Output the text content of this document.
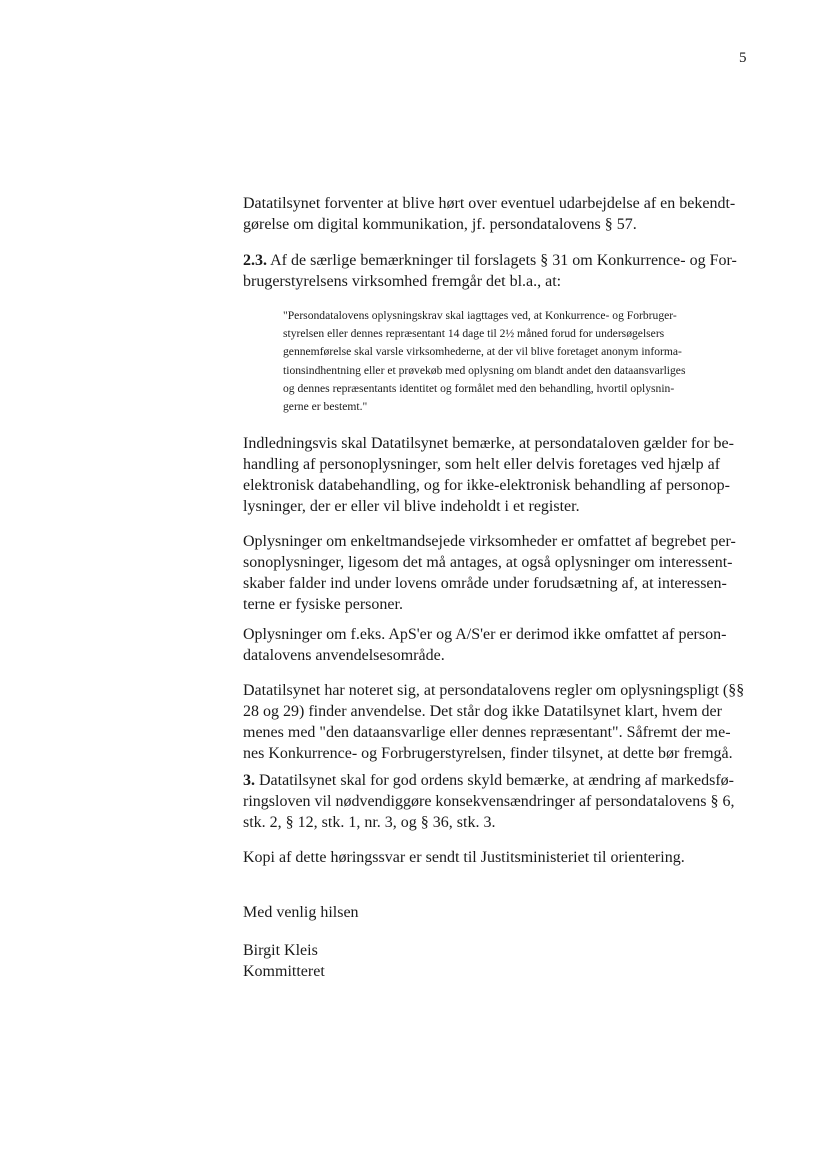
5
Datatilsynet forventer at blive hørt over eventuel udarbejdelse af en bekendt-
gørelse om digital kommunikation, jf. persondatalovens § 57.
2.3. Af de særlige bemærkninger til forslagets § 31 om Konkurrence- og For-
brugerstyrelsens virksomhed fremgår det bl.a., at:
"Persondatalovens oplysningskrav skal iagttages ved, at Konkurrence- og Forbruger-
styrelsen eller dennes repræsentant 14 dage til 2½ måned forud for undersøgelsers
gennemførelse skal varsle virksomhederne, at der vil blive foretaget anonym informa-
tionsindhentning eller et prøvekøb med oplysning om blandt andet den dataansvarliges
og dennes repræsentants identitet og formålet med den behandling, hvortil oplysnin-
gerne er bestemt."
Indledningsvis skal Datatilsynet bemærke, at persondataloven gælder for be-
handling af personoplysninger, som helt eller delvis foretages ved hjælp af
elektronisk databehandling, og for ikke-elektronisk behandling af personop-
lysninger, der er eller vil blive indeholdt i et register.
Oplysninger om enkeltmandsejede virksomheder er omfattet af begrebet per-
sonoplysninger, ligesom det må antages, at også oplysninger om interessent-
skaber falder ind under lovens område under forudsætning af, at interessen-
terne er fysiske personer.
Oplysninger om f.eks. ApS'er og A/S'er er derimod ikke omfattet af person-
datalovens anvendelsesområde.
Datatilsynet har noteret sig, at persondatalovens regler om oplysningspligt (§§
28 og 29) finder anvendelse. Det står dog ikke Datatilsynet klart, hvem der
menes med "den dataansvarlige eller dennes repræsentant". Såfremt der me-
nes Konkurrence- og Forbrugerstyrelsen, finder tilsynet, at dette bør fremgå.
3. Datatilsynet skal for god ordens skyld bemærke, at ændring af markedsfø-
ringsloven vil nødvendiggøre konsekvensændringer af persondatalovens § 6,
stk. 2, § 12, stk. 1, nr. 3, og § 36, stk. 3.
Kopi af dette høringssvar er sendt til Justitsministeriet til orientering.
Med venlig hilsen
Birgit Kleis
Kommitteret
